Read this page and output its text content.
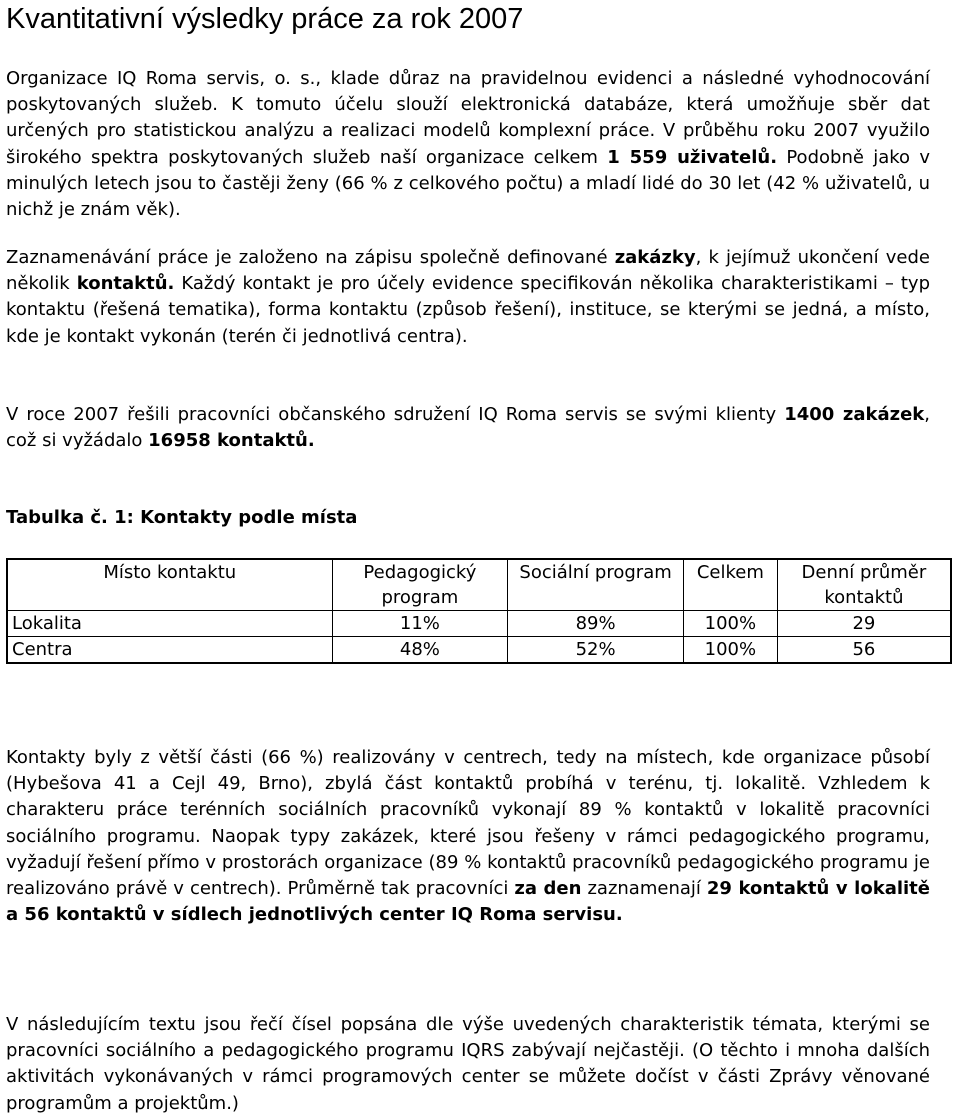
Kvantitativní výsledky práce za rok 2007
Organizace IQ Roma servis, o. s., klade důraz na pravidelnou evidenci a následné vyhodnocování poskytovaných služeb. K tomuto účelu slouží elektronická databáze, která umožňuje sběr dat určených pro statistickou analýzu a realizaci modelů komplexní práce. V průběhu roku 2007 využilo širokého spektra poskytovaných služeb naší organizace celkem 1 559 uživatelů. Podobně jako v minulých letech jsou to častěji ženy (66 % z celkového počtu) a mladí lidé do 30 let (42 % uživatelů, u nichž je znám věk).
Zaznamenávání práce je založeno na zápisu společně definované zakázky, k jejímuž ukončení vede několik kontaktů. Každý kontakt je pro účely evidence specifikován několika charakteristikami – typ kontaktu (řešená tematika), forma kontaktu (způsob řešení), instituce, se kterými se jedná, a místo, kde je kontakt vykonán (terén či jednotlivá centra).
V roce 2007 řešili pracovníci občanského sdružení IQ Roma servis se svými klienty 1400 zakázek, což si vyžádalo 16958 kontaktů.
Tabulka č. 1: Kontakty podle místa
Místo kontaktu	Pedagogický program	Sociální program	Celkem	Denní průměr kontaktů
Lokalita	11%	89%	100%	29
Centra	48%	52%	100%	56
Kontakty byly z větší části (66 %) realizovány v centrech, tedy na místech, kde organizace působí (Hybešova 41 a Cejl 49, Brno), zbylá část kontaktů probíhá v terénu, tj. lokalitě. Vzhledem k charakteru práce terénních sociálních pracovníků vykonají 89 % kontaktů v lokalitě pracovníci sociálního programu. Naopak typy zakázek, které jsou řešeny v rámci pedagogického programu, vyžadují řešení přímo v prostorách organizace (89 % kontaktů pracovníků pedagogického programu je realizováno právě v centrech). Průměrně tak pracovníci za den zaznamenají 29 kontaktů v lokalitě a 56 kontaktů v sídlech jednotlivých center IQ Roma servisu.
V následujícím textu jsou řečí čísel popsána dle výše uvedených charakteristik témata, kterými se pracovníci sociálního a pedagogického programu IQRS zabývají nejčastěji. (O těchto i mnoha dalších aktivitách vykonávaných v rámci programových center se můžete dočíst v části Zprávy věnované programům a projektům.)
